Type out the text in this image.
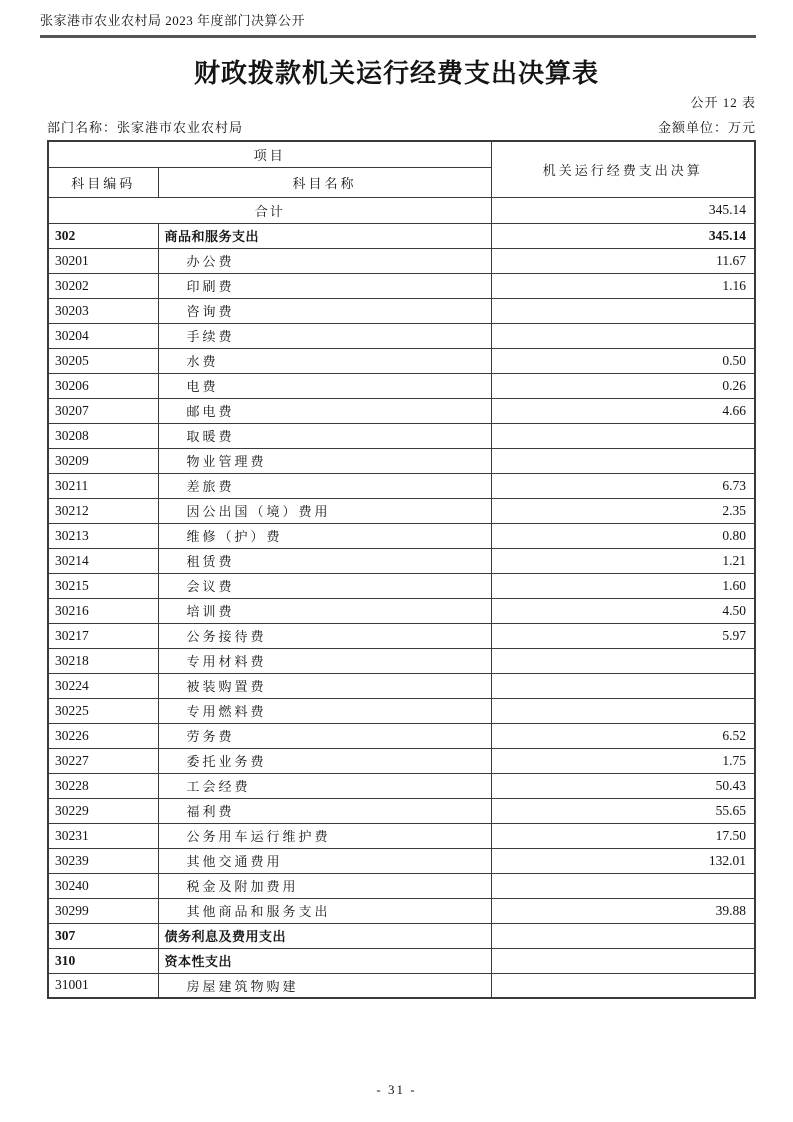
张家港市农业农村局 2023 年度部门决算公开
财政拨款机关运行经费支出决算表
公开 12 表
部门名称：张家港市农业农村局	金额单位：万元
项目		机关运行经费支出决算
科目编码	科目名称	
合计		345.14
302	商品和服务支出	345.14
30201	办公费	11.67
30202	印刷费	1.16
30203	咨询费	
30204	手续费	
30205	水费	0.50
30206	电费	0.26
30207	邮电费	4.66
30208	取暖费	
30209	物业管理费	
30211	差旅费	6.73
30212	因公出国（境）费用	2.35
30213	维修（护）费	0.80
30214	租赁费	1.21
30215	会议费	1.60
30216	培训费	4.50
30217	公务接待费	5.97
30218	专用材料费	
30224	被装购置费	
30225	专用燃料费	
30226	劳务费	6.52
30227	委托业务费	1.75
30228	工会经费	50.43
30229	福利费	55.65
30231	公务用车运行维护费	17.50
30239	其他交通费用	132.01
30240	税金及附加费用	
30299	其他商品和服务支出	39.88
307	债务利息及费用支出	
310	资本性支出	
31001	房屋建筑物购建	
- 31 -
